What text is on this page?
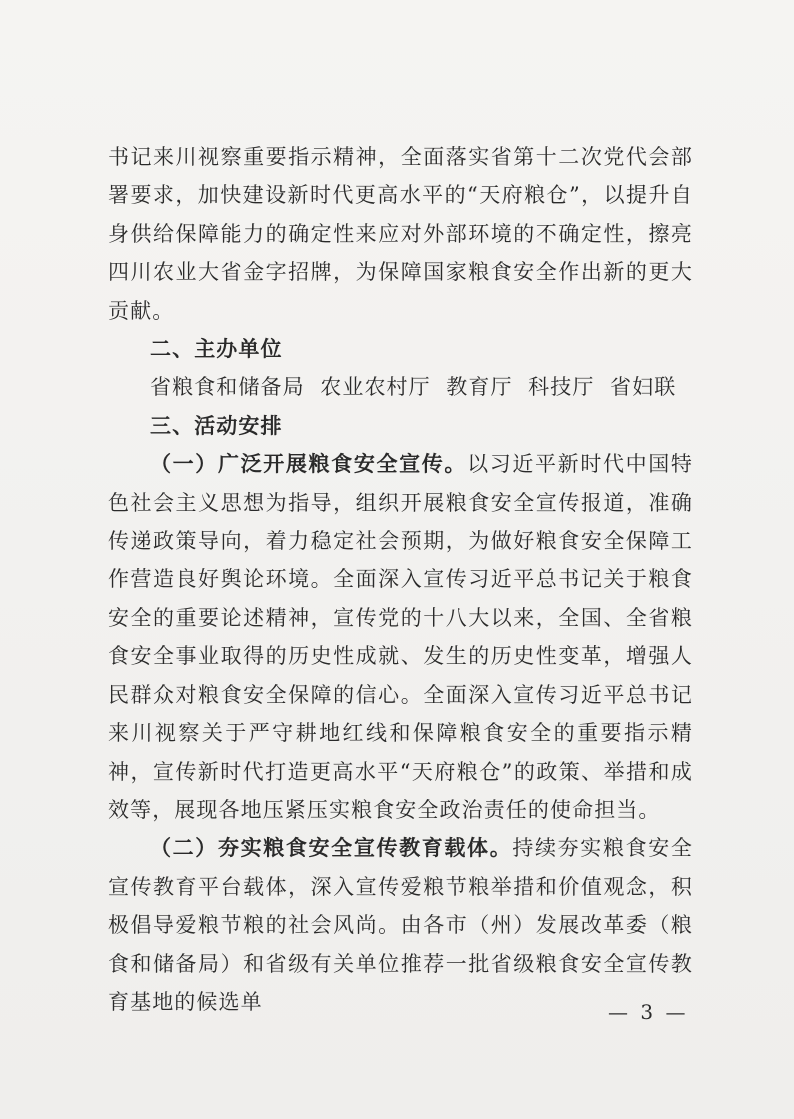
书记来川视察重要指示精神，全面落实省第十二次党代会部署要求，加快建设新时代更高水平的“天府粮仓”，以提升自身供给保障能力的确定性来应对外部环境的不确定性，擦亮四川农业大省金字招牌，为保障国家粮食安全作出新的更大贡献。

二、主办单位

省粮食和储备局  农业农村厅  教育厅  科技厅  省妇联

三、活动安排

（一）广泛开展粮食安全宣传。以习近平新时代中国特色社会主义思想为指导，组织开展粮食安全宣传报道，准确传递政策导向，着力稳定社会预期，为做好粮食安全保障工作营造良好舆论环境。全面深入宣传习近平总书记关于粮食安全的重要论述精神，宣传党的十八大以来，全国、全省粮食安全事业取得的历史性成就、发生的历史性变革，增强人民群众对粮食安全保障的信心。全面深入宣传习近平总书记来川视察关于严守耕地红线和保障粮食安全的重要指示精神，宣传新时代打造更高水平“天府粮仓”的政策、举措和成效等，展现各地压紧压实粮食安全政治责任的使命担当。

（二）夯实粮食安全宣传教育载体。持续夯实粮食安全宣传教育平台载体，深入宣传爱粮节粮举措和价值观念，积极倡导爱粮节粮的社会风尚。由各市（州）发展改革委（粮食和储备局）和省级有关单位推荐一批省级粮食安全宣传教育基地的候选单	— 3 —
